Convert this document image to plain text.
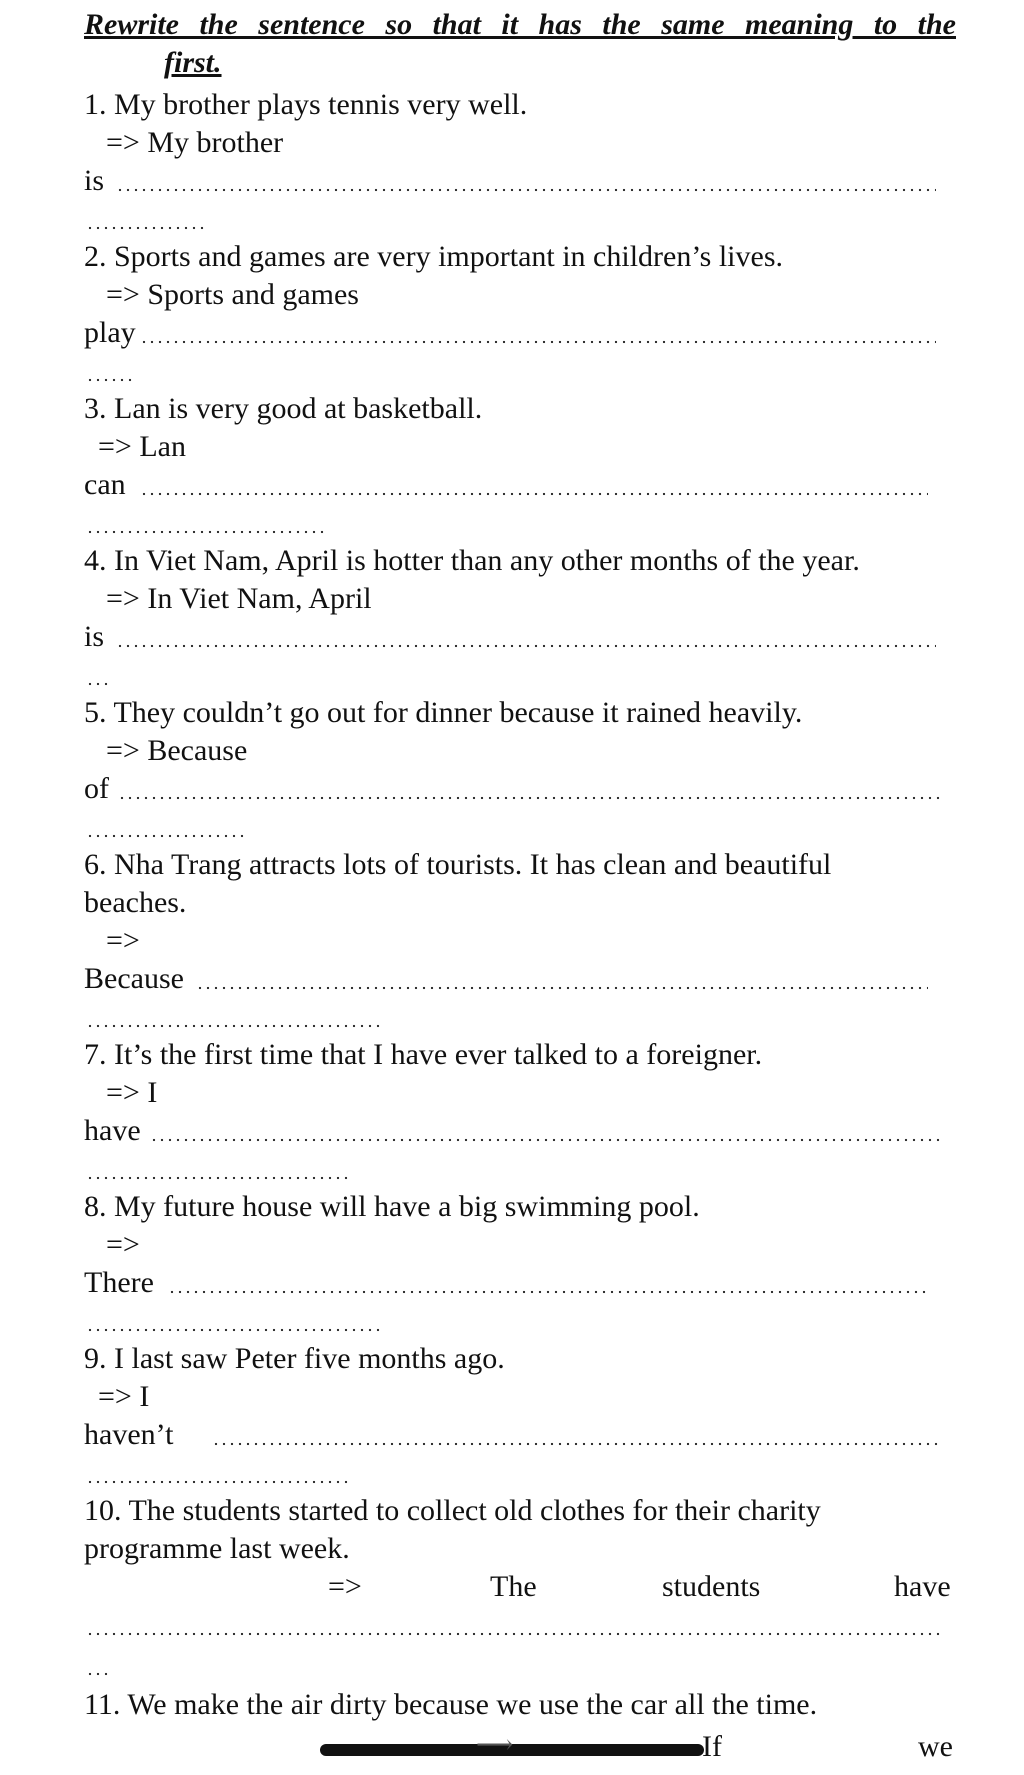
Rewrite the sentence so that it has the same meaning to the
first.
1. My brother plays tennis very well.
=> My brother
is
2. Sports and games are very important in children’s lives.
=> Sports and games
play
3. Lan is very good at basketball.
=> Lan
can
4. In Viet Nam, April is hotter than any other months of the year.
=> In Viet Nam, April
is
5. They couldn’t go out for dinner because it rained heavily.
=> Because
of
6. Nha Trang attracts lots of tourists. It has clean and beautiful
beaches.
=>
Because
7. It’s the first time that I have ever talked to a foreigner.
=> I
have
8. My future house will have a big swimming pool.
=>
There
9. I last saw Peter five months ago.
=> I
haven’t
10. The students started to collect old clothes for their charity
programme last week.
=>	The	students	have
11. We make the air dirty because we use the car all the time.
⟶	If	we
